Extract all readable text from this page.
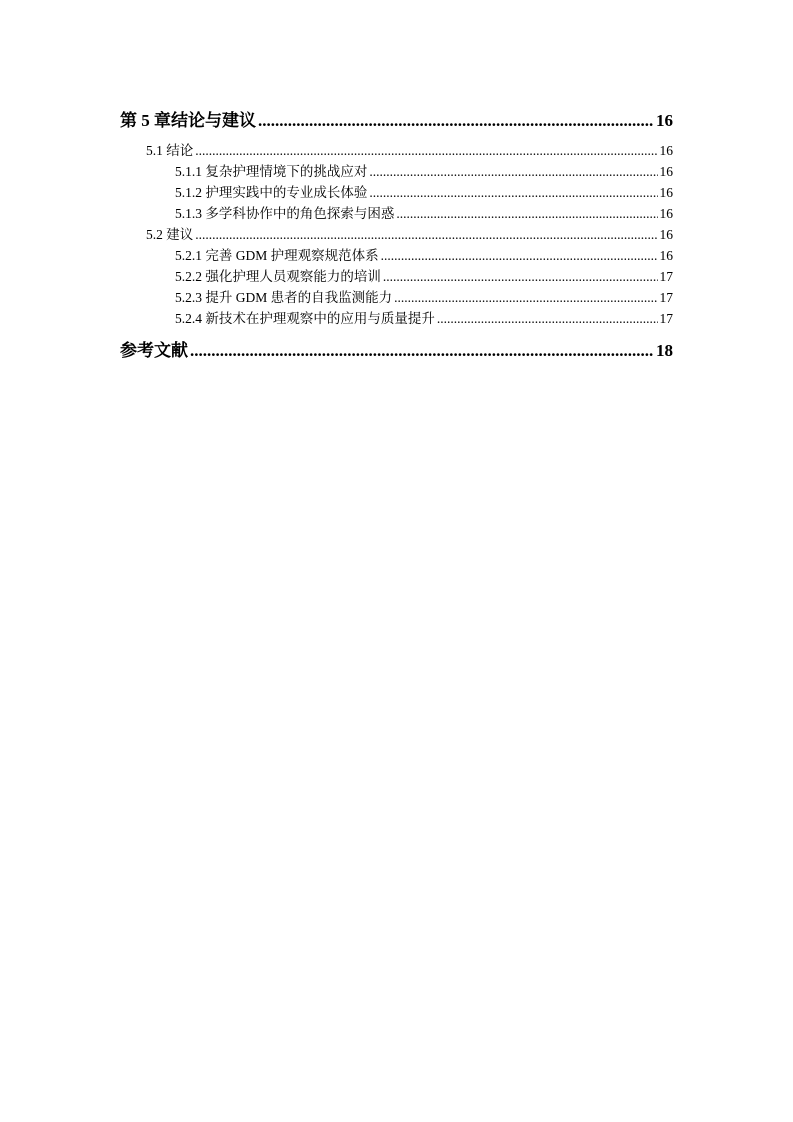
第 5 章结论与建议 .....	16
5.1 结论 .....	16
5.1.1 复杂护理情境下的挑战应对 .....	16
5.1.2 护理实践中的专业成长体验 .....	16
5.1.3 多学科协作中的角色探索与困惑 .....	16
5.2 建议 .....	16
5.2.1 完善 GDM 护理观察规范体系 .....	16
5.2.2 强化护理人员观察能力的培训 .....	17
5.2.3 提升 GDM 患者的自我监测能力 .....	17
5.2.4 新技术在护理观察中的应用与质量提升 .....	17
参考文献 .....	18
